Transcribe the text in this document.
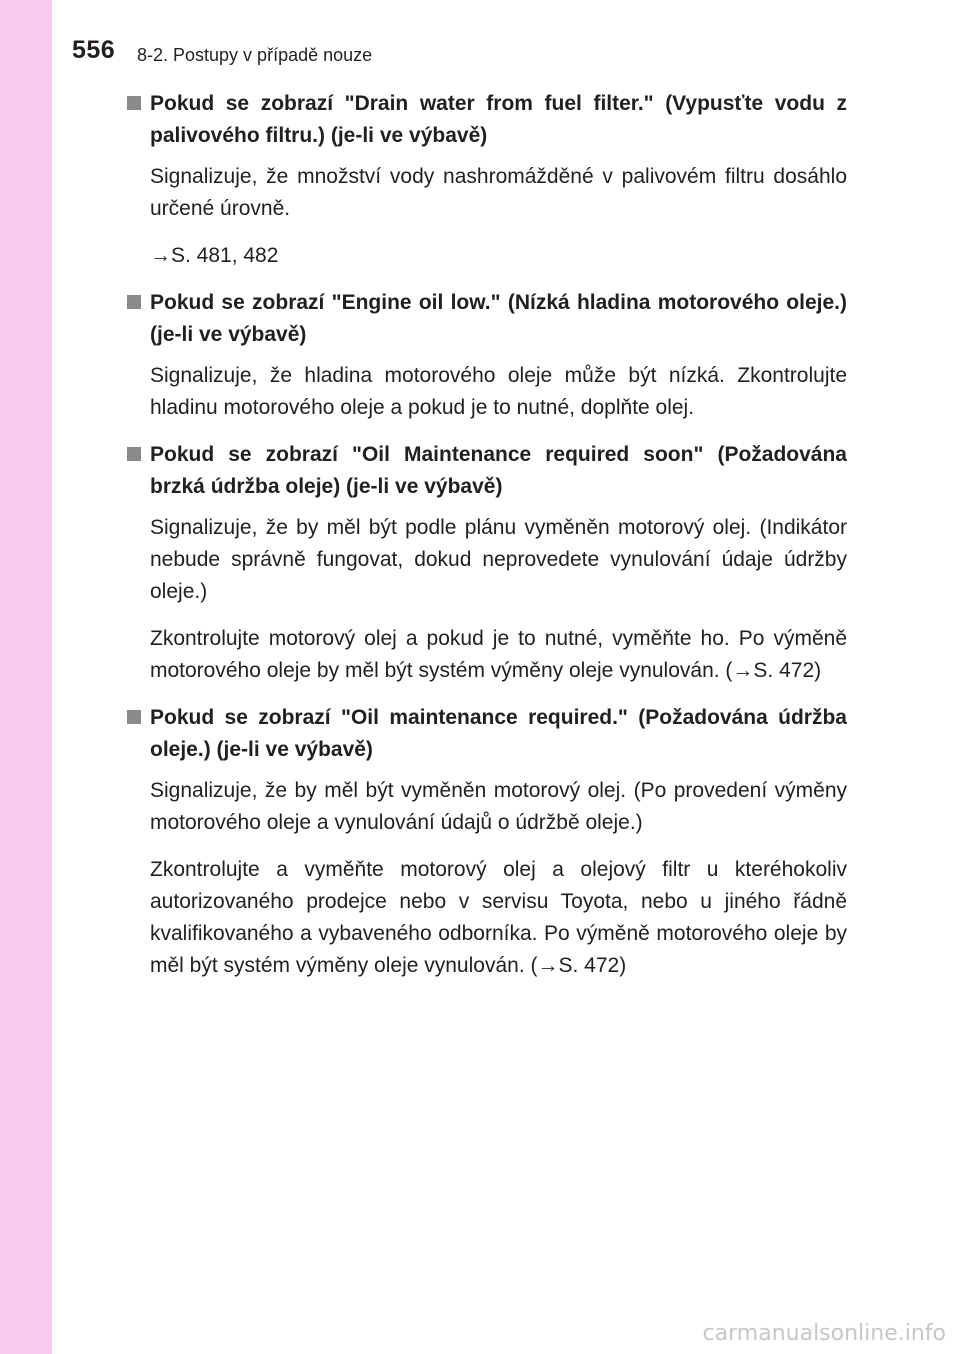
556 8-2. Postupy v případě nouze
Pokud se zobrazí "Drain water from fuel filter." (Vypusťte vodu z palivového filtru.) (je-li ve výbavě)
Signalizuje, že množství vody nashromážděné v palivovém filtru dosáhlo určené úrovně.
→S. 481, 482
Pokud se zobrazí "Engine oil low." (Nízká hladina motorového oleje.) (je-li ve výbavě)
Signalizuje, že hladina motorového oleje může být nízká. Zkontrolujte hladinu motorového oleje a pokud je to nutné, doplňte olej.
Pokud se zobrazí "Oil Maintenance required soon" (Požadována brzká údržba oleje) (je-li ve výbavě)
Signalizuje, že by měl být podle plánu vyměněn motorový olej. (Indikátor nebude správně fungovat, dokud neprovedete vynulování údaje údržby oleje.)
Zkontrolujte motorový olej a pokud je to nutné, vyměňte ho. Po výměně motorového oleje by měl být systém výměny oleje vynulován. (→S. 472)
Pokud se zobrazí "Oil maintenance required." (Požadována údržba oleje.) (je-li ve výbavě)
Signalizuje, že by měl být vyměněn motorový olej. (Po provedení výměny motorového oleje a vynulování údajů o údržbě oleje.)
Zkontrolujte a vyměňte motorový olej a olejový filtr u kteréhokoliv autorizovaného prodejce nebo v servisu Toyota, nebo u jiného řádně kvalifikovaného a vybaveného odborníka. Po výměně motorového oleje by měl být systém výměny oleje vynulován. (→S. 472)
carmanualsonline.info
